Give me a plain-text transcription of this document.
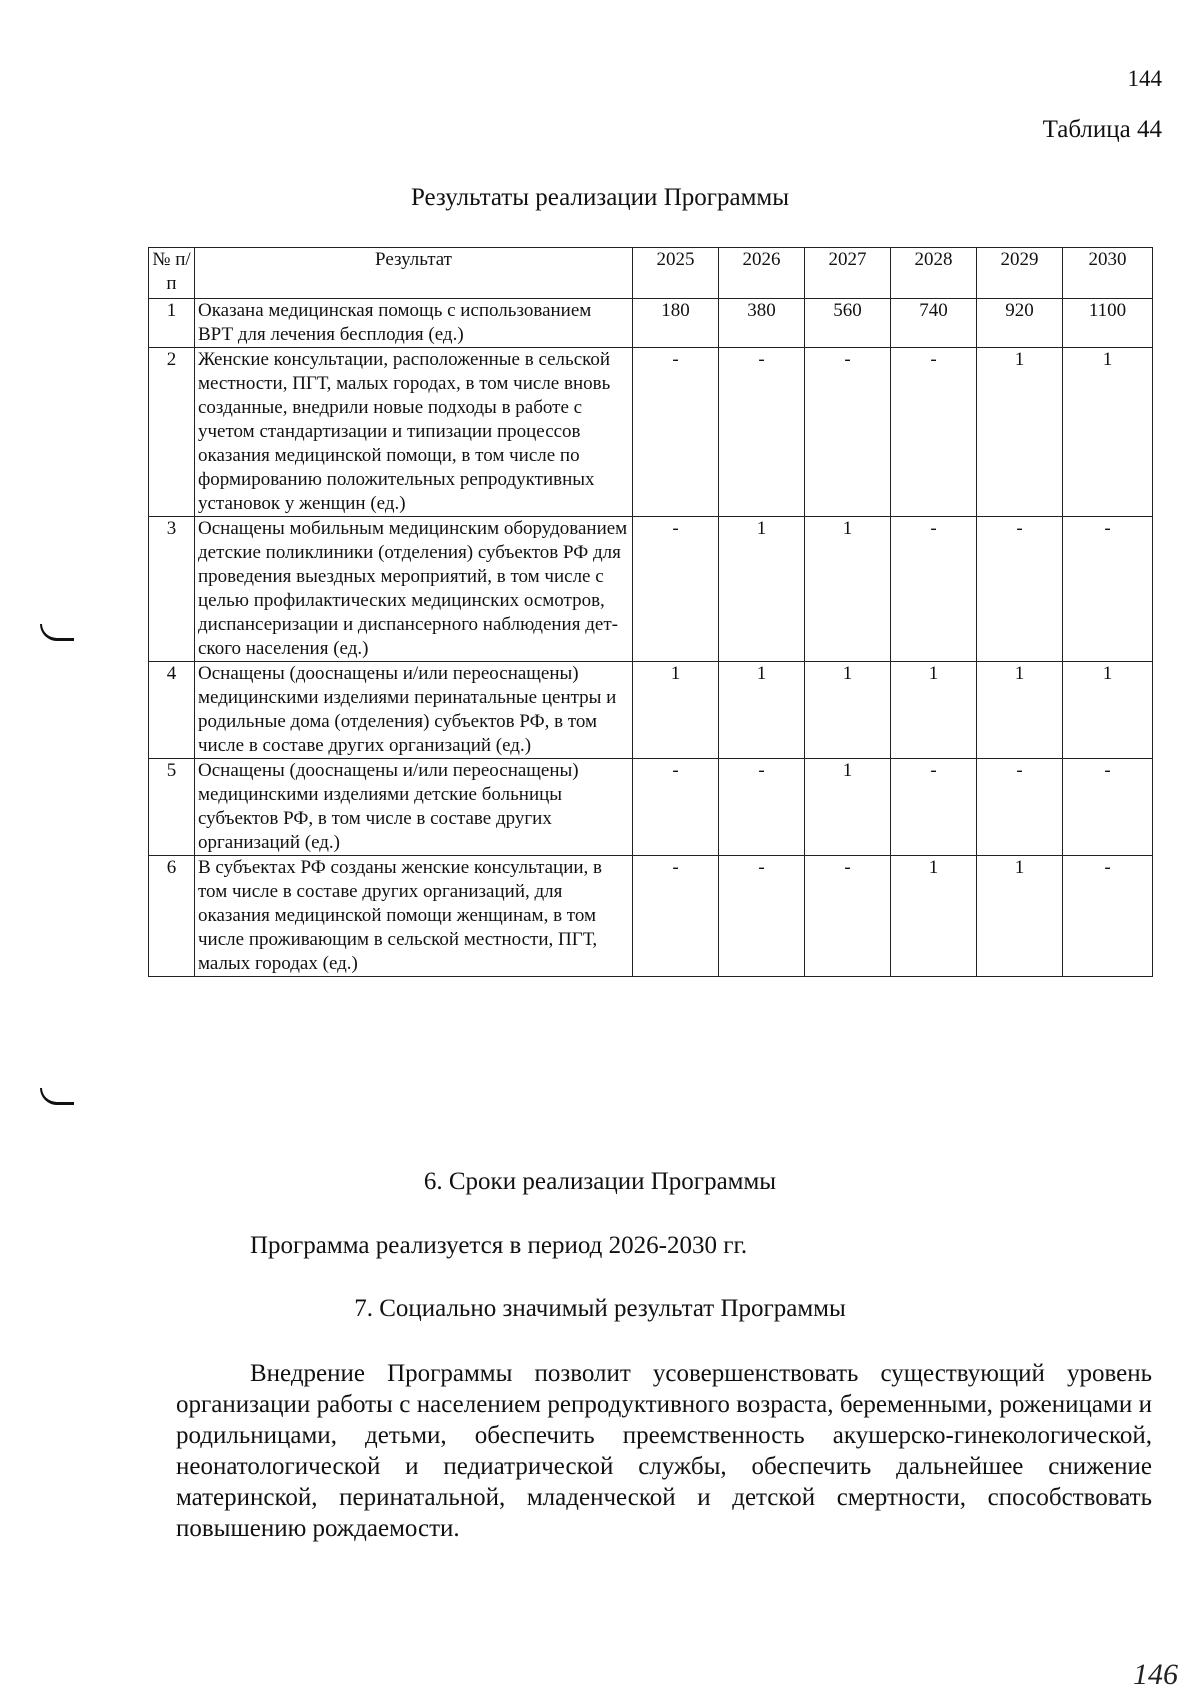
144
Таблица 44
Результаты реализации Программы
№ п/п	Результат	2025	2026	2027	2028	2029	2030
1	Оказана медицинская помощь с использованием ВРТ для лечения бесплодия (ед.)	180	380	560	740	920	1100
2	Женские консультации, расположенные в сельской местности, ПГТ, малых городах, в том числе вновь созданные, внедрили новые подходы в работе с учетом стандартизации и типизации процессов оказания медицинской помощи, в том числе по формированию положительных репродуктивных установок у женщин (ед.)	-	-	-	-	1	1
3	Оснащены мобильным медицинским оборудованием детские поликлиники (отделения) субъектов РФ для проведения выездных мероприятий, в том числе с целью профилактических медицинских осмотров, диспансеризации и диспансерного наблюдения детского населения (ед.)	-	1	1	-	-	-
4	Оснащены (дооснащены и/или переоснащены) медицинскими изделиями перинатальные центры и родильные дома (отделения) субъектов РФ, в том числе в составе других организаций (ед.)	1	1	1	1	1	1
5	Оснащены (дооснащены и/или переоснащены) медицинскими изделиями детские больницы субъектов РФ, в том числе в составе других организаций (ед.)	-	-	1	-	-	-
6	В субъектах РФ созданы женские консультации, в том числе в составе других организаций, для оказания медицинской помощи женщинам, в том числе проживающим в сельской местности, ПГТ, малых городах (ед.)	-	-	-	1	1	-
6. Сроки реализации Программы
Программа реализуется в период 2026-2030 гг.
7. Социально значимый результат Программы
Внедрение Программы позволит усовершенствовать существующий уровень организации работы с населением репродуктивного возраста, беременными, роженицами и родильницами, детьми, обеспечить преемственность акушерско-гинекологической, неонатологической и педиатрической службы, обеспечить дальнейшее снижение материнской, перинатальной, младенческой и детской смертности, способствовать повышению рождаемости.
146
